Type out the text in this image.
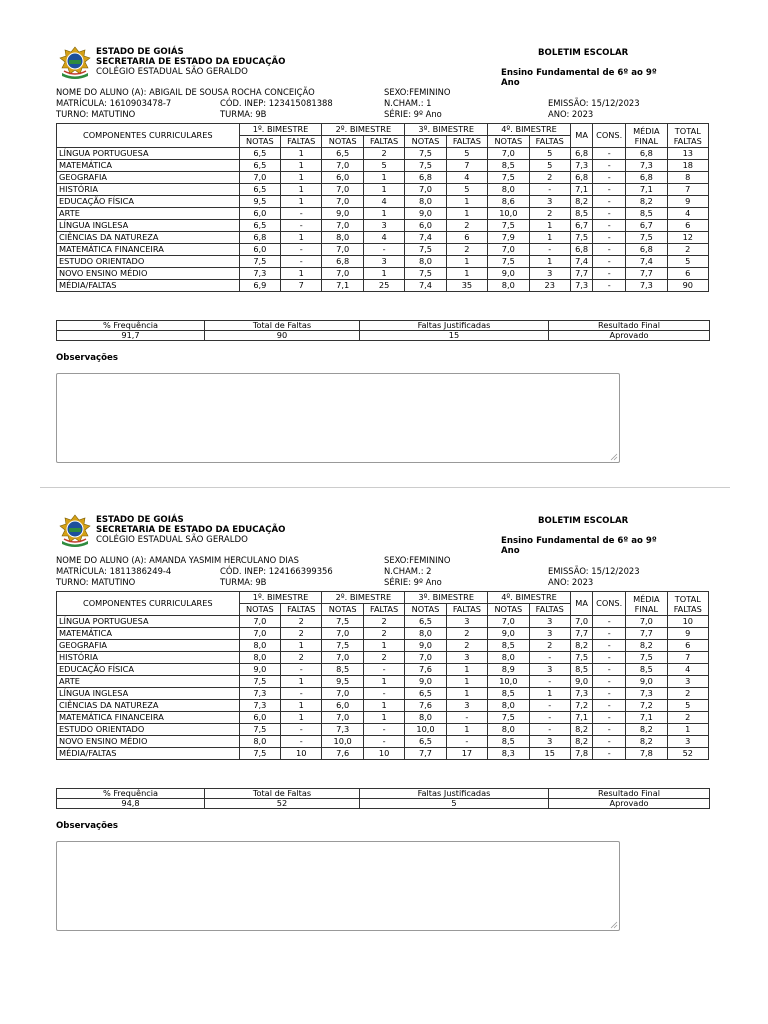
ESTADO DE GOIÁS
SECRETARIA DE ESTADO DA EDUCAÇÃO
COLÉGIO ESTADUAL SÃO GERALDO
BOLETIM ESCOLAR
Ensino Fundamental de 6º ao 9º Ano
NOME DO ALUNO (A): ABIGAIL DE SOUSA ROCHA CONCEIÇÃO	SEXO:FEMININO
MATRÍCULA: 1610903478-7	CÓD. INEP: 123415081388	N.CHAM.: 1	EMISSÃO: 15/12/2023
TURNO: MATUTINO	TURMA: 9B	SÉRIE: 9º Ano	ANO: 2023
COMPONENTES CURRICULARES	1º. BIMESTRE		2º. BIMESTRE		3º. BIMESTRE		4º. BIMESTRE		MA	CONS.	MÉDIA
FINAL	TOTAL
FALTAS
	NOTAS	FALTAS	NOTAS	FALTAS	NOTAS	FALTAS	NOTAS	FALTAS				
LÍNGUA PORTUGUESA	6,5	1	6,5	2	7,5	5	7,0	5	6,8	-	6,8	13
MATEMÁTICA	6,5	1	7,0	5	7,5	7	8,5	5	7,3	-	7,3	18
GEOGRAFIA	7,0	1	6,0	1	6,8	4	7,5	2	6,8	-	6,8	8
HISTÓRIA	6,5	1	7,0	1	7,0	5	8,0	-	7,1	-	7,1	7
EDUCAÇÃO FÍSICA	9,5	1	7,0	4	8,0	1	8,6	3	8,2	-	8,2	9
ARTE	6,0	-	9,0	1	9,0	1	10,0	2	8,5	-	8,5	4
LÍNGUA INGLESA	6,5	-	7,0	3	6,0	2	7,5	1	6,7	-	6,7	6
CIÊNCIAS DA NATUREZA	6,8	1	8,0	4	7,4	6	7,9	1	7,5	-	7,5	12
MATEMÁTICA FINANCEIRA	6,0	-	7,0	-	7,5	2	7,0	-	6,8	-	6,8	2
ESTUDO ORIENTADO	7,5	-	6,8	3	8,0	1	7,5	1	7,4	-	7,4	5
NOVO ENSINO MÉDIO	7,3	1	7,0	1	7,5	1	9,0	3	7,7	-	7,7	6
MÉDIA/FALTAS	6,9	7	7,1	25	7,4	35	8,0	23	7,3	-	7,3	90
% Frequência	Total de Faltas	Faltas Justificadas	Resultado Final
91,7	90	15	Aprovado
Observações
ESTADO DE GOIÁS
SECRETARIA DE ESTADO DA EDUCAÇÃO
COLÉGIO ESTADUAL SÃO GERALDO
BOLETIM ESCOLAR
Ensino Fundamental de 6º ao 9º Ano
NOME DO ALUNO (A): AMANDA YASMIM HERCULANO DIAS	SEXO:FEMININO
MATRÍCULA: 1811386249-4	CÓD. INEP: 124166399356	N.CHAM.: 2	EMISSÃO: 15/12/2023
TURNO: MATUTINO	TURMA: 9B	SÉRIE: 9º Ano	ANO: 2023
COMPONENTES CURRICULARES	1º. BIMESTRE		2º. BIMESTRE		3º. BIMESTRE		4º. BIMESTRE		MA	CONS.	MÉDIA
FINAL	TOTAL
FALTAS
	NOTAS	FALTAS	NOTAS	FALTAS	NOTAS	FALTAS	NOTAS	FALTAS				
LÍNGUA PORTUGUESA	7,0	2	7,5	2	6,5	3	7,0	3	7,0	-	7,0	10
MATEMÁTICA	7,0	2	7,0	2	8,0	2	9,0	3	7,7	-	7,7	9
GEOGRAFIA	8,0	1	7,5	1	9,0	2	8,5	2	8,2	-	8,2	6
HISTÓRIA	8,0	2	7,0	2	7,0	3	8,0	-	7,5	-	7,5	7
EDUCAÇÃO FÍSICA	9,0	-	8,5	-	7,6	1	8,9	3	8,5	-	8,5	4
ARTE	7,5	1	9,5	1	9,0	1	10,0	-	9,0	-	9,0	3
LÍNGUA INGLESA	7,3	-	7,0	-	6,5	1	8,5	1	7,3	-	7,3	2
CIÊNCIAS DA NATUREZA	7,3	1	6,0	1	7,6	3	8,0	-	7,2	-	7,2	5
MATEMÁTICA FINANCEIRA	6,0	1	7,0	1	8,0	-	7,5	-	7,1	-	7,1	2
ESTUDO ORIENTADO	7,5	-	7,3	-	10,0	1	8,0	-	8,2	-	8,2	1
NOVO ENSINO MÉDIO	8,0	-	10,0	-	6,5	-	8,5	3	8,2	-	8,2	3
MÉDIA/FALTAS	7,5	10	7,6	10	7,7	17	8,3	15	7,8	-	7,8	52
% Frequência	Total de Faltas	Faltas Justificadas	Resultado Final
94,8	52	5	Aprovado
Observações
